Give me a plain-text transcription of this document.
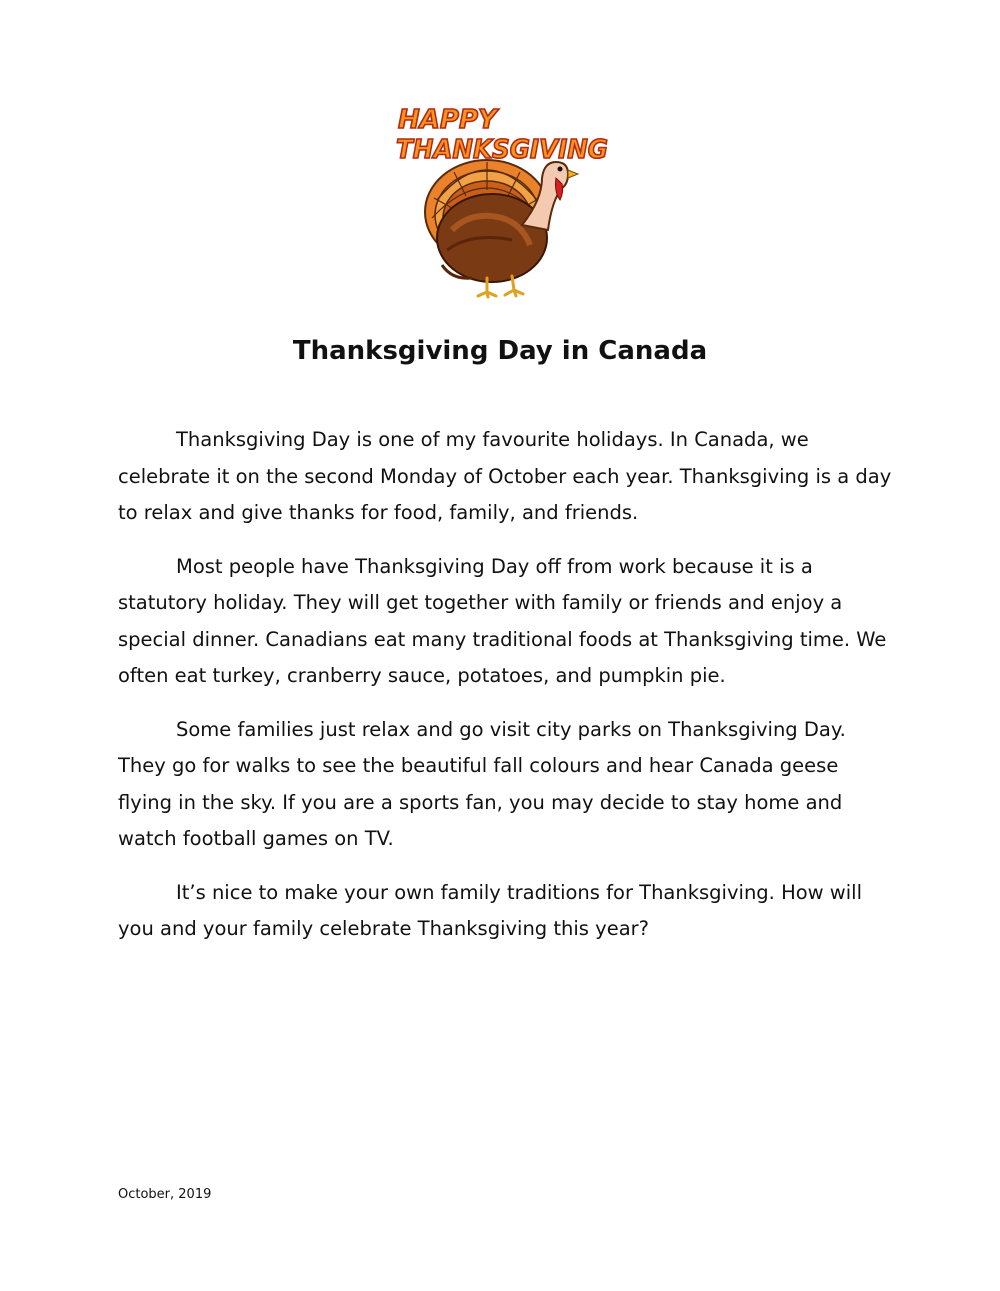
HAPPY
THANKSGIVING
Thanksgiving Day in Canada

Thanksgiving Day is one of my favourite holidays. In Canada, we celebrate it on the second Monday of October each year. Thanksgiving is a day to relax and give thanks for food, family, and friends.

Most people have Thanksgiving Day off from work because it is a statutory holiday. They will get together with family or friends and enjoy a special dinner. Canadians eat many traditional foods at Thanksgiving time. We often eat turkey, cranberry sauce, potatoes, and pumpkin pie.

Some families just relax and go visit city parks on Thanksgiving Day. They go for walks to see the beautiful fall colours and hear Canada geese flying in the sky. If you are a sports fan, you may decide to stay home and watch football games on TV.

It’s nice to make your own family traditions for Thanksgiving. How will you and your family celebrate Thanksgiving this year?

October, 2019
